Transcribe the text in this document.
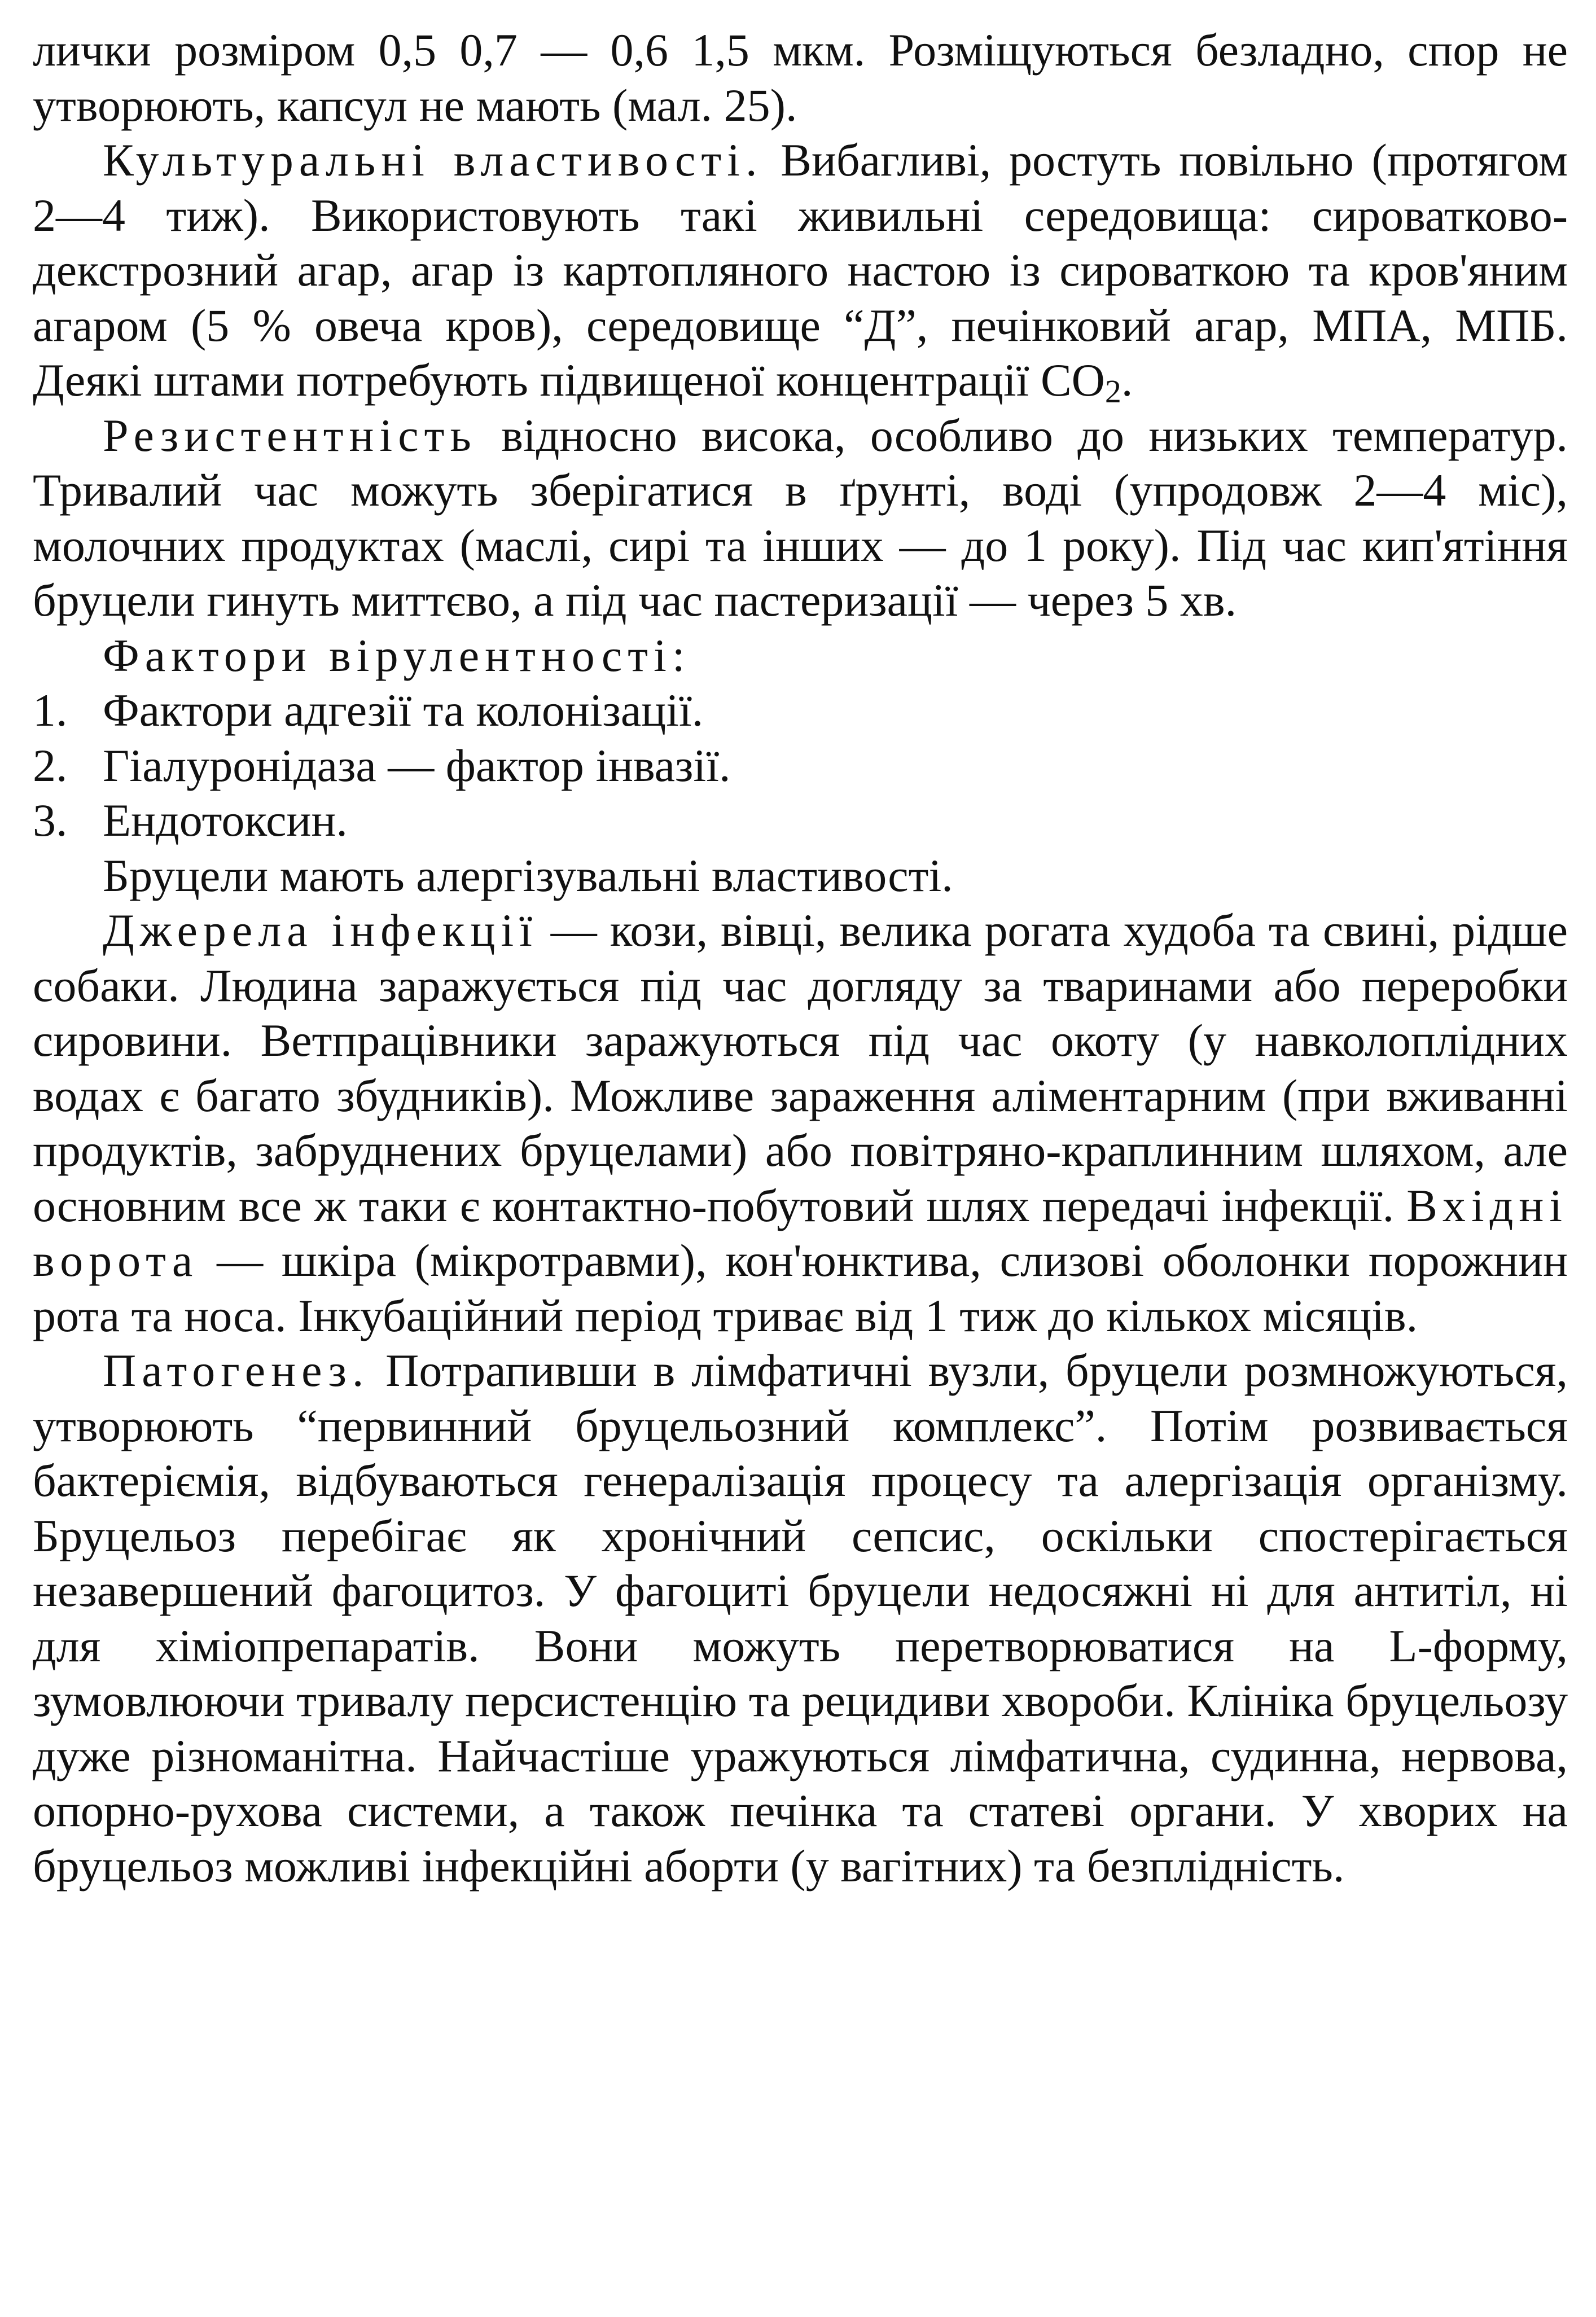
лички розміром 0,5 0,7 — 0,6 1,5 мкм. Розміщуються безладно, спор не утворюють, капсул не мають (мал. 25).

Культуральні властивості. Вибагливі, ростуть повільно (протягом 2—4 тиж). Використовують такі живильні середовища: сироватково-декстрозний агар, агар із картопляного настою із сироваткою та кров'яним агаром (5 % овеча кров), середовище “Д”, печінковий агар, МПА, МПБ. Деякі штами потребують підвищеної концентрації $CO_2$.

Резистентність відносно висока, особливо до низьких температур. Тривалий час можуть зберігатися в ґрунті, воді (упродовж 2—4 міс), молочних продуктах (маслі, сирі та інших — до 1 року). Під час кип'ятіння бруцели гинуть миттєво, а під час пастеризації — через 5 хв.

Фактори вірулентності:

1. Фактори адгезії та колонізації.

2. Гіалуронідаза — фактор інвазії.

3. Ендотоксин.

Бруцели мають алергізувальні властивості.

Джерела інфекції — кози, вівці, велика рогата худоба та свині, рідше собаки. Людина заражується під час догляду за тваринами або переробки сировини. Ветпрацівники заражуються під час окоту (у навколоплідних водах є багато збудників). Можливе зараження аліментарним (при вживанні продуктів, забруднених бруцелами) або повітряно-краплинним шляхом, але основним все ж таки є контактно-побутовий шлях передачі інфекції. Вхідні ворота — шкіра (мікротравми), кон'юнктива, слизові оболонки порожнин рота та носа. Інкубаційний період триває від 1 тиж до кількох місяців.

Патогенез. Потрапивши в лімфатичні вузли, бруцели розмножуються, утворюють “первинний бруцельозний комплекс”. Потім розвивається бактеріємія, відбуваються генералізація процесу та алергізація організму. Бруцельоз перебігає як хронічний сепсис, оскільки спостерігається незавершений фагоцитоз. У фагоциті бруцели недосяжні ні для антитіл, ні для хіміопрепаратів. Вони можуть перетворюватися на L-форму, зумовлюючи тривалу персистенцію та рецидиви хвороби. Клініка бруцельозу дуже різноманітна. Найчастіше уражуються лімфатична, судинна, нервова, опорно-рухова системи, а також печінка та статеві органи. У хворих на бруцельоз можливі інфекційні аборти (у вагітних) та безплідність.
